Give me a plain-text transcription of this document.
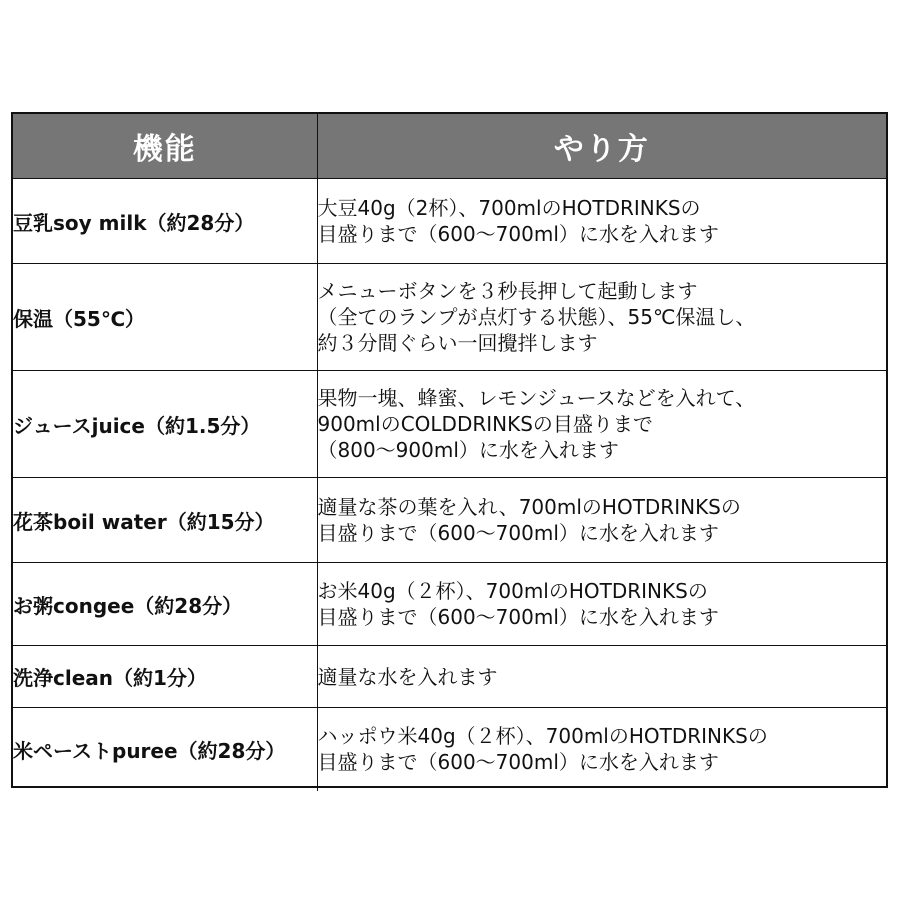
機能	やり方
豆乳soy milk（約28分）	大豆40g（2杯）、700mlのHOTDRINKSの
目盛りまで（600〜700ml）に水を入れます

保温（55℃）	メニューボタンを３秒長押して起動します
（全てのランプが点灯する状態）、55℃保温し、
約３分間ぐらい一回攪拌します

ジュースjuice（約1.5分）	果物一塊、蜂蜜、レモンジュースなどを入れて、
900mlのCOLDDRINKSの目盛りまで
（800〜900ml）に水を入れます

花茶boil water（約15分）	適量な茶の葉を入れ、700mlのHOTDRINKSの
目盛りまで（600〜700ml）に水を入れます

お粥congee（約28分）	お米40g（２杯）、700mlのHOTDRINKSの
目盛りまで（600〜700ml）に水を入れます

洗浄clean（約1分）	適量な水を入れます

米ペーストpuree（約28分）	ハッポウ米40g（２杯）、700mlのHOTDRINKSの
目盛りまで（600〜700ml）に水を入れます
